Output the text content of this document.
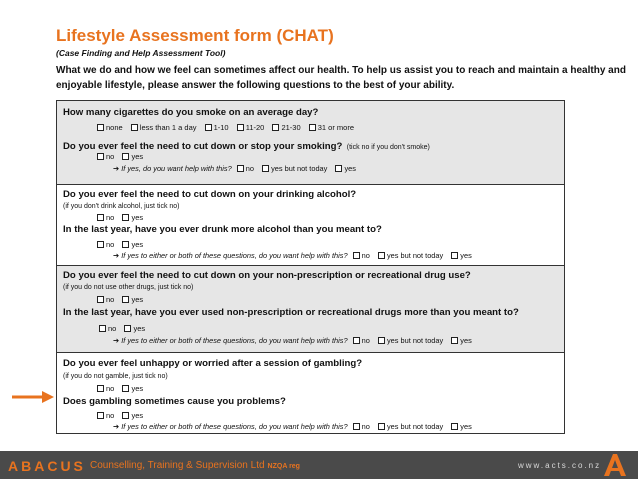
Lifestyle Assessment form (CHAT)
(Case Finding and Help Assessment Tool)
What we do and how we feel can sometimes affect our health. To help us assist you to reach and maintain a healthy and enjoyable lifestyle, please answer the following questions to the best of your ability.
How many cigarettes do you smoke on an average day?
none less than 1 a day 1-10 11-20 21-30 31 or more
Do you ever feel the need to cut down or stop your smoking? (tick no if you don't smoke)
no yes
➔ If yes, do you want help with this? no yes but not today yes
Do you ever feel the need to cut down on your drinking alcohol?
(if you don't drink alcohol, just tick no)
no yes
In the last year, have you ever drunk more alcohol than you meant to?
no yes
➔ If yes to either or both of these questions, do you want help with this? no yes but not today yes
Do you ever feel the need to cut down on your non-prescription or recreational drug use?
(if you do not use other drugs, just tick no)
no yes
In the last year, have you ever used non-prescription or recreational drugs more than you meant to?
no yes
➔ If yes to either or both of these questions, do you want help with this? no yes but not today yes
Do you ever feel unhappy or worried after a session of gambling?
(if you do not gamble, just tick no)
no yes
Does gambling sometimes cause you problems?
no yes
➔ If yes to either or both of these questions, do you want help with this? no yes but not today yes
ABACUS Counselling, Training & Supervision Ltd NZQA reg	www.acts.co.nz
